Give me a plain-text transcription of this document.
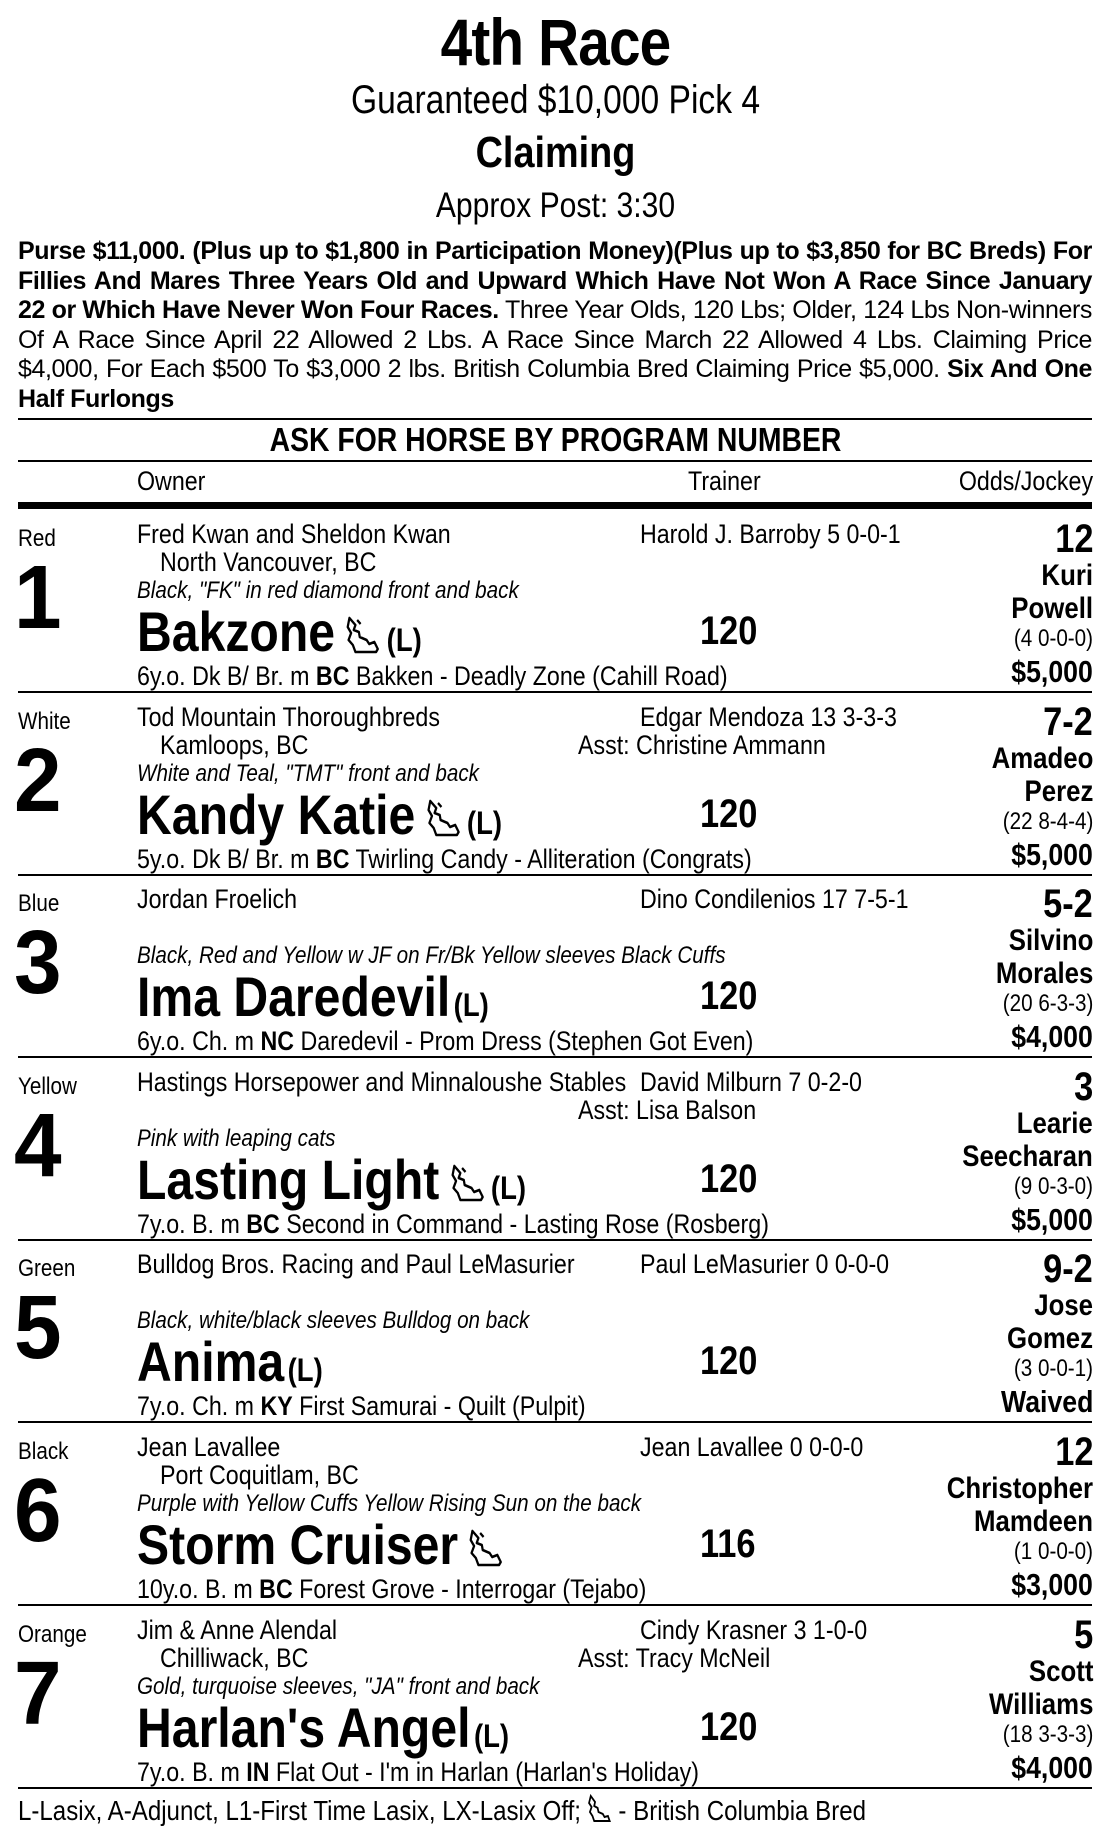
4th Race
Guaranteed $10,000 Pick 4
Claiming
Approx Post: 3:30
Purse $11,000. (Plus up to $1,800 in Participation Money)(Plus up to $3,850 for BC Breds) For Fillies And Mares Three Years Old and Upward Which Have Not Won A Race Since January 22 or Which Have Never Won Four Races. Three Year Olds, 120 Lbs; Older, 124 Lbs Non-winners Of A Race Since April 22 Allowed 2 Lbs. A Race Since March 22 Allowed 4 Lbs. Claiming Price $4,000, For Each $500 To $3,000 2 lbs. British Columbia Bred Claiming Price $5,000. Six And One Half Furlongs
ASK FOR HORSE BY PROGRAM NUMBER
Owner	Trainer	Odds/Jockey
Red
1
Fred Kwan and Sheldon Kwan
North Vancouver, BC
Black, "FK" in red diamond front and back
Bakzone (L)
6y.o. Dk B/ Br. m BC Bakken - Deadly Zone (Cahill Road)
Harold J. Barroby 5 0-0-1
120
12
Kuri
Powell
(4 0-0-0)
$5,000
White
2
Tod Mountain Thoroughbreds
Kamloops, BC
White and Teal, "TMT" front and back
Kandy Katie (L)
5y.o. Dk B/ Br. m BC Twirling Candy - Alliteration (Congrats)
Edgar Mendoza 13 3-3-3
Asst: Christine Ammann
120
7-2
Amadeo
Perez
(22 8-4-4)
$5,000
Blue
3
Jordan Froelich
Black, Red and Yellow w JF on Fr/Bk Yellow sleeves Black Cuffs
Ima Daredevil (L)
6y.o. Ch. m NC Daredevil - Prom Dress (Stephen Got Even)
Dino Condilenios 17 7-5-1
120
5-2
Silvino
Morales
(20 6-3-3)
$4,000
Yellow
4
Hastings Horsepower and Minnaloushe Stables
Pink with leaping cats
Lasting Light (L)
7y.o. B. m BC Second in Command - Lasting Rose (Rosberg)
David Milburn 7 0-2-0
Asst: Lisa Balson
120
3
Learie
Seecharan
(9 0-3-0)
$5,000
Green
5
Bulldog Bros. Racing and Paul LeMasurier
Black, white/black sleeves Bulldog on back
Anima (L)
7y.o. Ch. m KY First Samurai - Quilt (Pulpit)
Paul LeMasurier 0 0-0-0
120
9-2
Jose
Gomez
(3 0-0-1)
Waived
Black
6
Jean Lavallee
Port Coquitlam, BC
Purple with Yellow Cuffs Yellow Rising Sun on the back
Storm Cruiser
10y.o. B. m BC Forest Grove - Interrogar (Tejabo)
Jean Lavallee 0 0-0-0
116
12
Christopher
Mamdeen
(1 0-0-0)
$3,000
Orange
7
Jim & Anne Alendal
Chilliwack, BC
Gold, turquoise sleeves, "JA" front and back
Harlan's Angel (L)
7y.o. B. m IN Flat Out - I'm in Harlan (Harlan's Holiday)
Cindy Krasner 3 1-0-0
Asst: Tracy McNeil
120
5
Scott
Williams
(18 3-3-3)
$4,000
L-Lasix, A-Adjunct, L1-First Time Lasix, LX-Lasix Off;  - British Columbia Bred
